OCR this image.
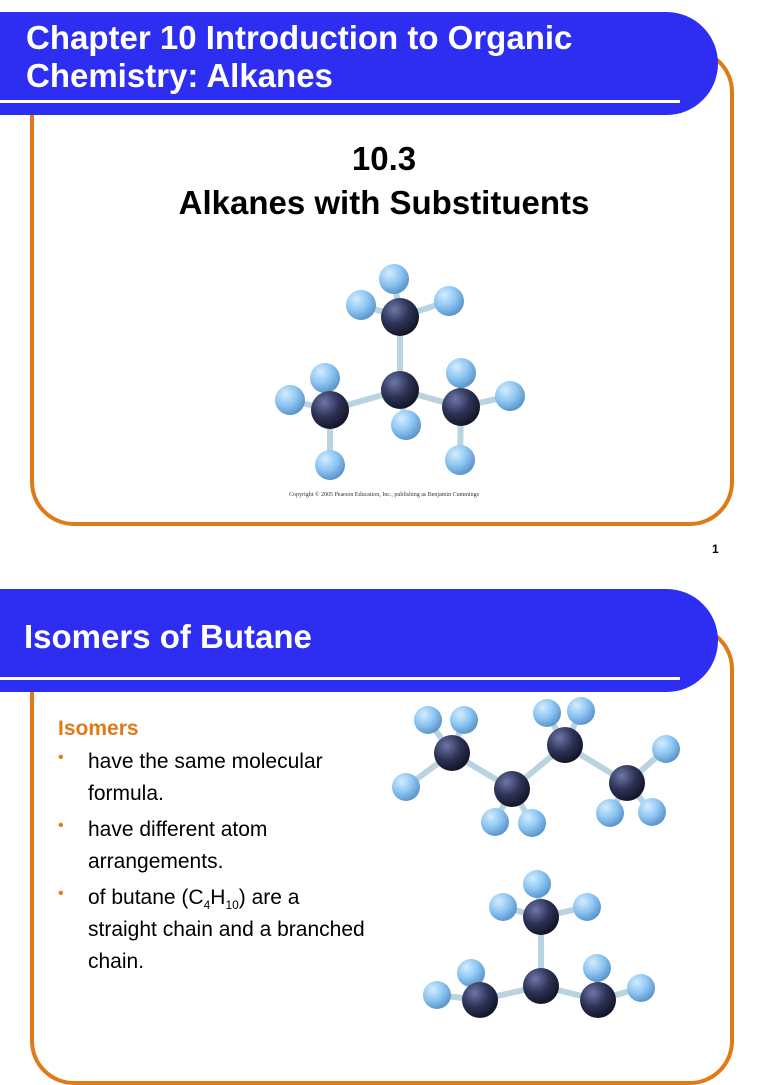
Chapter 10 Introduction to Organic
Chemistry: Alkanes
10.3
Alkanes with Substituents
Copyright © 2005 Pearson Education, Inc., publishing as Benjamin Cummings
1
Isomers of Butane
Isomers
• have the same molecular formula.
• have different atom arrangements.
• of butane $(C_4H_{10})$ are a straight chain and a branched chain.
